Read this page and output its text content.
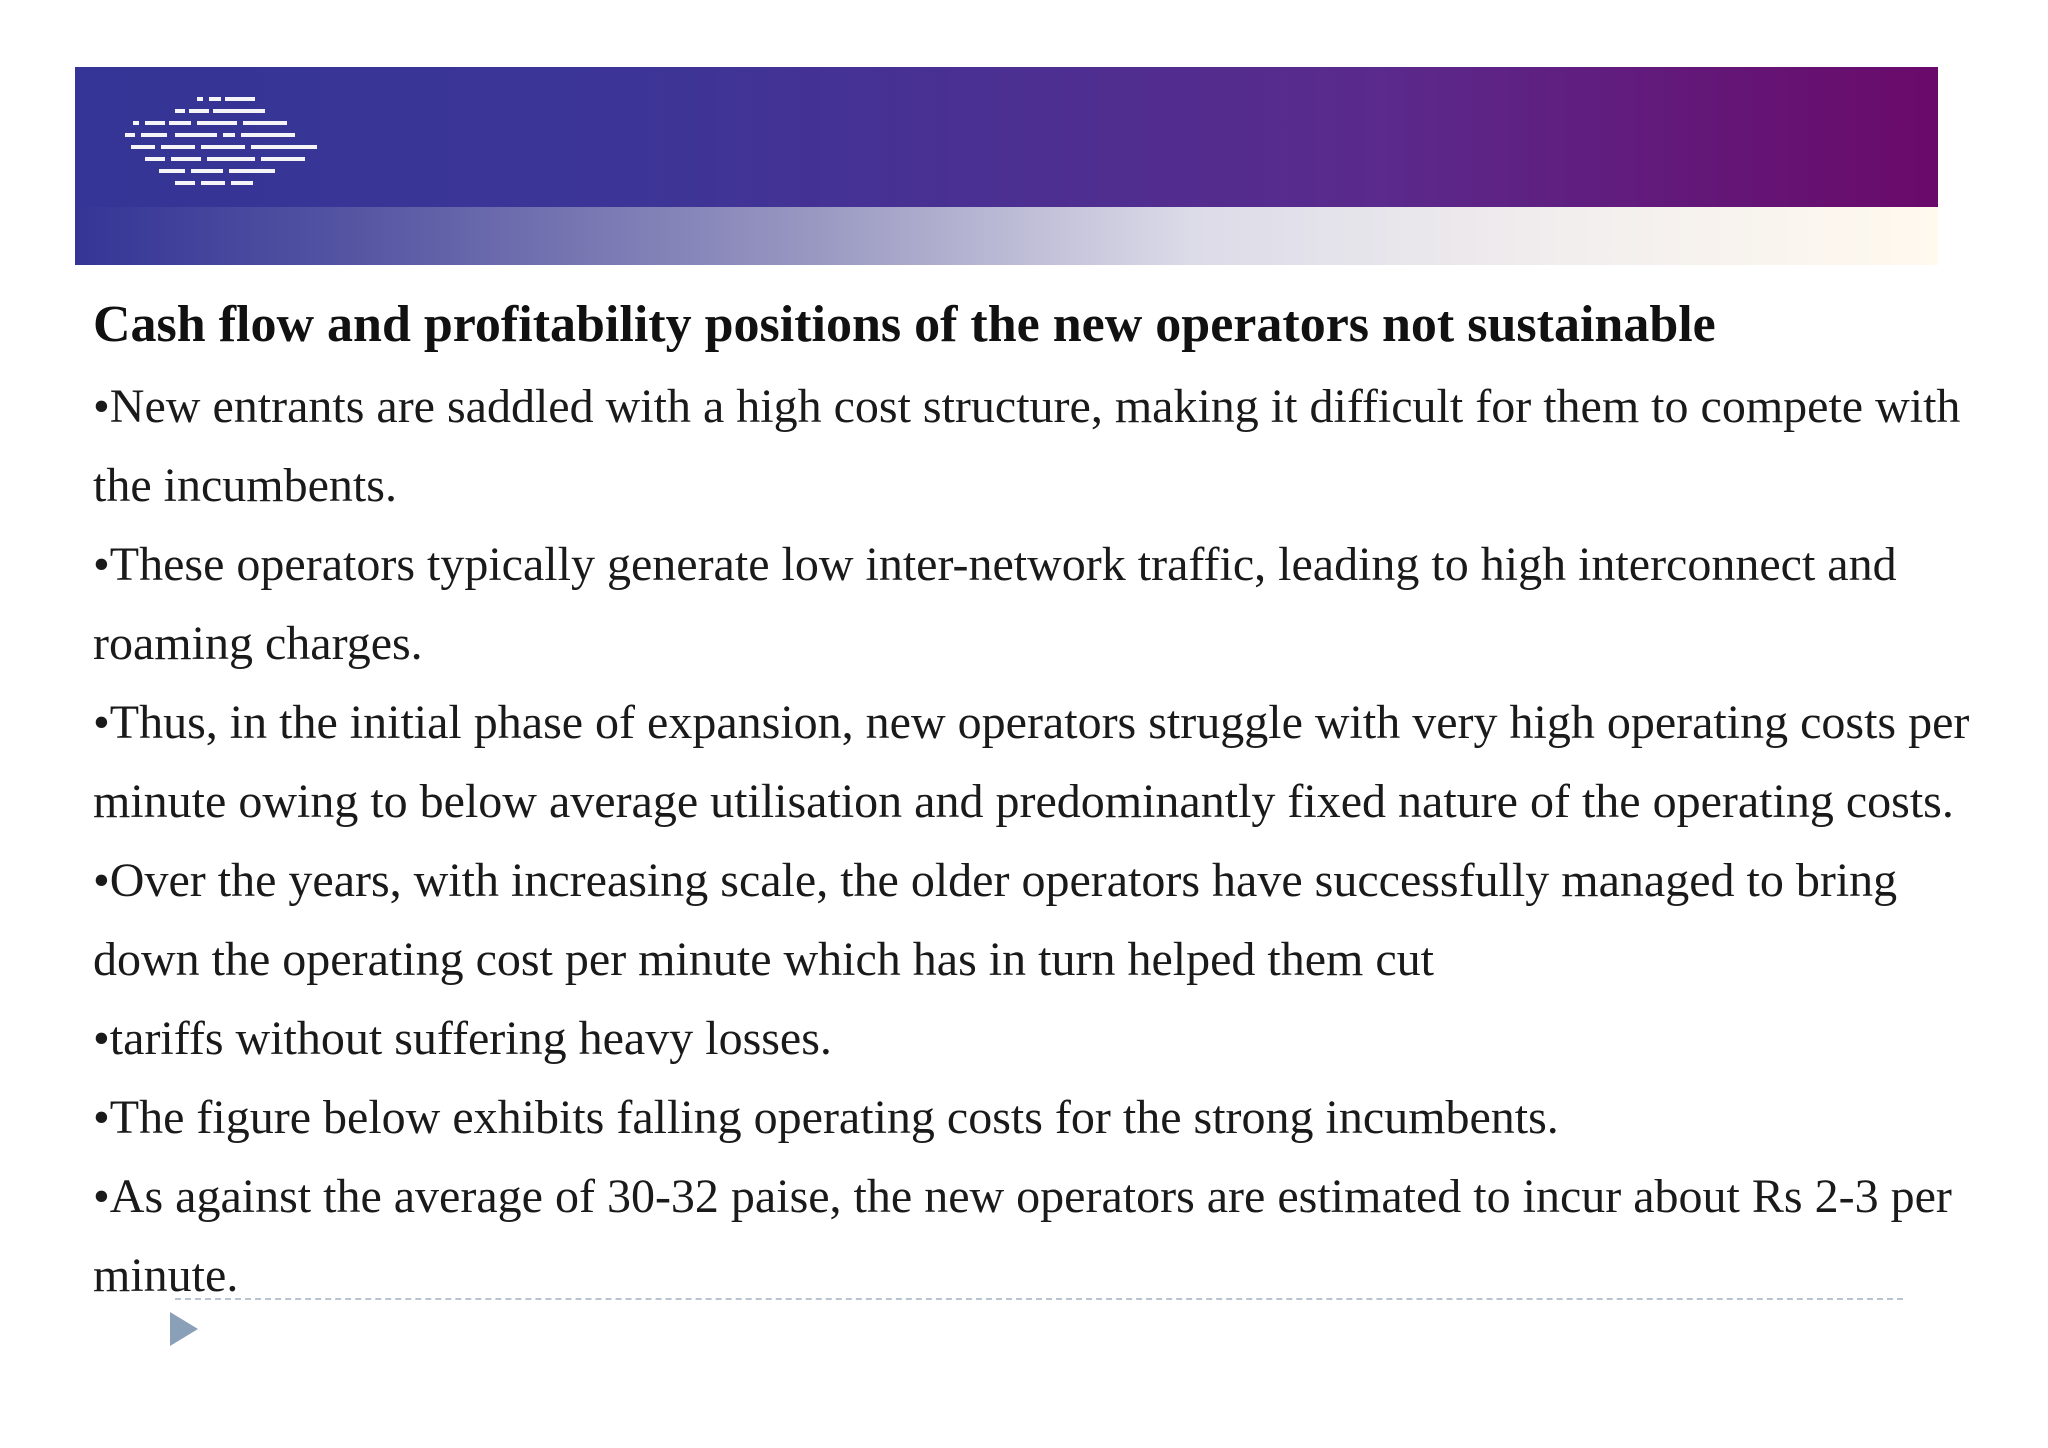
Cash flow and profitability positions of the new operators not sustainable

•New entrants are saddled with a high cost structure, making it difficult for them to compete with the incumbents.

•These operators typically generate low inter-network traffic, leading to high interconnect and roaming charges.

•Thus, in the initial phase of expansion, new operators struggle with very high operating costs per minute owing to below average utilisation and predominantly fixed nature of the operating costs.

•Over the years, with increasing scale, the older operators have successfully managed to bring down the operating cost per minute which has in turn helped them cut

•tariffs without suffering heavy losses.

•The figure below exhibits falling operating costs for the strong incumbents.

•As against the average of 30-32 paise, the new operators are estimated to incur about Rs 2-3 per minute.
